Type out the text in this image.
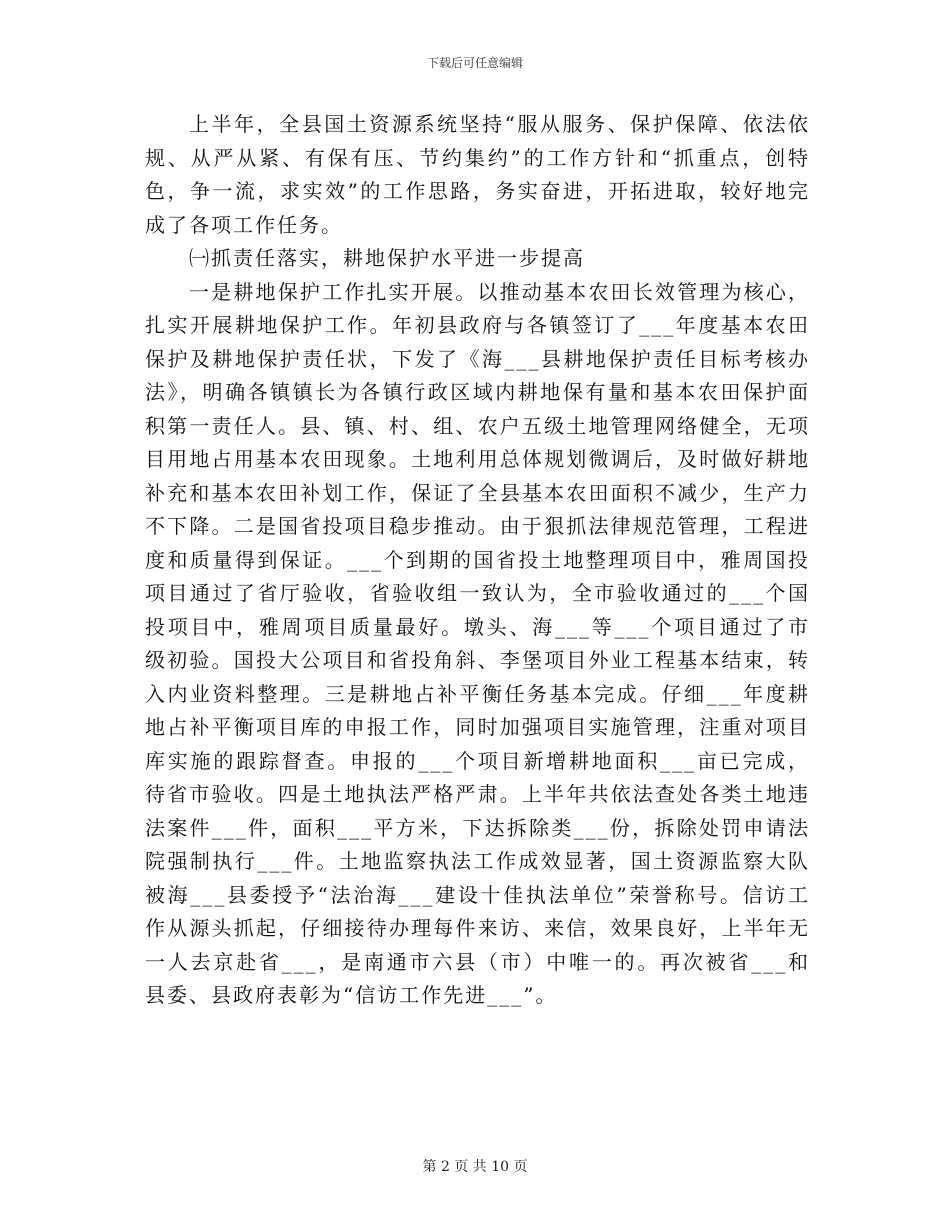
下载后可任意编辑

上半年，全县国土资源系统坚持“服从服务、保护保障、依法依规、从严从紧、有保有压、节约集约”的工作方针和“抓重点，创特色，争一流，求实效”的工作思路，务实奋进，开拓进取，较好地完成了各项工作任务。

㈠抓责任落实，耕地保护水平进一步提高

一是耕地保护工作扎实开展。以推动基本农田长效管理为核心，扎实开展耕地保护工作。年初县政府与各镇签订了___年度基本农田保护及耕地保护责任状，下发了《海___县耕地保护责任目标考核办法》，明确各镇镇长为各镇行政区域内耕地保有量和基本农田保护面积第一责任人。县、镇、村、组、农户五级土地管理网络健全，无项目用地占用基本农田现象。土地利用总体规划微调后，及时做好耕地补充和基本农田补划工作，保证了全县基本农田面积不减少，生产力不下降。二是国省投项目稳步推动。由于狠抓法律规范管理，工程进度和质量得到保证。___个到期的国省投土地整理项目中，雅周国投项目通过了省厅验收，省验收组一致认为，全市验收通过的___个国投项目中，雅周项目质量最好。墩头、海___等___个项目通过了市级初验。国投大公项目和省投角斜、李堡项目外业工程基本结束，转入内业资料整理。三是耕地占补平衡任务基本完成。仔细___年度耕地占补平衡项目库的申报工作，同时加强项目实施管理，注重对项目库实施的跟踪督查。申报的___个项目新增耕地面积___亩已完成，待省市验收。四是土地执法严格严肃。上半年共依法查处各类土地违法案件___件，面积___平方米，下达拆除类___份，拆除处罚申请法院强制执行___件。土地监察执法工作成效显著，国土资源监察大队被海___县委授予“法治海___建设十佳执法单位”荣誉称号。信访工作从源头抓起，仔细接待办理每件来访、来信，效果良好，上半年无一人去京赴省___，是南通市六县（市）中唯一的。再次被省___和县委、县政府表彰为“信访工作先进___”。

第 2 页 共 10 页
